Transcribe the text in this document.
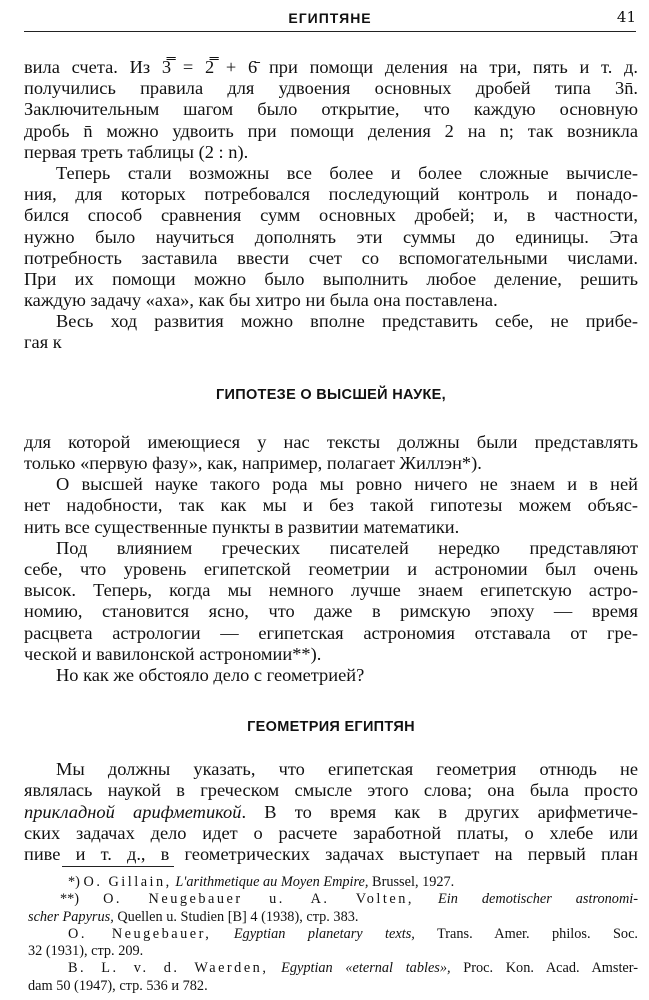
ЕГИПТЯНЕ	41
вила счета. Из 3̿ = 2̿ + 6̄ при помощи деления на три, пять и т. д.
получились правила для удвоения основных дробей типа 3n̄.
Заключительным шагом было открытие, что каждую основную
дробь n̄ можно удвоить при помощи деления 2 на n; так возникла
первая треть таблицы (2 : n).
Теперь стали возможны все более и более сложные вычисле-
ния, для которых потребовался последующий контроль и понадо-
бился способ сравнения сумм основных дробей; и, в частности,
нужно было научиться дополнять эти суммы до единицы. Эта
потребность заставила ввести счет со вспомогательными числами.
При их помощи можно было выполнить любое деление, решить
каждую задачу «аха», как бы хитро ни была она поставлена.
Весь ход развития можно вполне представить себе, не прибе-
гая к
ГИПОТЕЗЕ О ВЫСШЕЙ НАУКЕ,
для которой имеющиеся у нас тексты должны были представлять
только «первую фазу», как, например, полагает Жиллэн*).
О высшей науке такого рода мы ровно ничего не знаем и в ней
нет надобности, так как мы и без такой гипотезы можем объяс-
нить все существенные пункты в развитии математики.
Под влиянием греческих писателей нередко представляют
себе, что уровень египетской геометрии и астрономии был очень
высок. Теперь, когда мы немного лучше знаем египетскую астро-
номию, становится ясно, что даже в римскую эпоху — время
расцвета астрологии — египетская астрономия отставала от гре-
ческой и вавилонской астрономии**).
Но как же обстояло дело с геометрией?
ГЕОМЕТРИЯ ЕГИПТЯН
Мы должны указать, что египетская геометрия отнюдь не
являлась наукой в греческом смысле этого слова; она была просто
прикладной арифметикой. В то время как в других арифметиче-
ских задачах дело идет о расчете заработной платы, о хлебе или
пиве и т. д., в геометрических задачах выступает на первый план
*) O. Gillain, L'arithmetique au Moyen Empire, Brussel, 1927.
**) O. Neugebauer u. A. Volten, Ein demotischer astronomi-
scher Papyrus, Quellen u. Studien [B] 4 (1938), стр. 383.
O. Neugebauer, Egyptian planetary texts, Trans. Amer. philos. Soc.
32 (1931), стр. 209.
B. L. v. d. Waerden, Egyptian «eternal tables», Proc. Kon. Acad. Amster-
dam 50 (1947), стр. 536 и 782.
